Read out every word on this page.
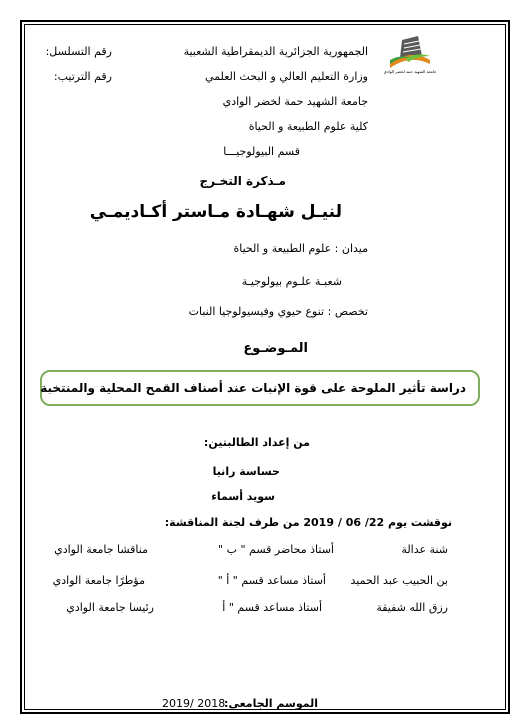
جامعة الشهيد حمة لخضر الوادي
الجمهورية الجزائرية الديمقراطية الشعبية
وزارة التعليم العالي و البحث العلمي
جامعة الشهيد حمة لخضر الوادي
كلية علوم الطبيعة و الحياة
قسم البيولوجيـــا
رقم التسلسل:
رقم الترتيب:
مـذكرة التخـرج
لنيـل شهـادة مـاستر أكـاديمـي
ميدان : علوم الطبيعة و الحياة
شعبـة علـوم بيولوجيـة
تخصص : تنوع حيوي وفيسيولوجيا النبات
المـوضـوع
دراسة تأثير الملوحة على قوة الإنبات عند أصناف القمح المحلية والمنتخبة
من إعداد الطالبتين:
حساسة رانيا
سويد أسماء
نوقشت يوم 22/ 06 / 2019 من طرف لجنة المناقشة:
شنة عدالة
أستاذ محاضر قسم " ب "
مناقشا جامعة الوادي
بن الحبيب عبد الحميد
أستاذ مساعد قسم " أ "
مؤطرًا جامعة الوادي
رزق الله شفيقة
أستاذ مساعد قسم " أ
رئيسا جامعة الوادي
الموسم الجامعي:
2019/ 2018
